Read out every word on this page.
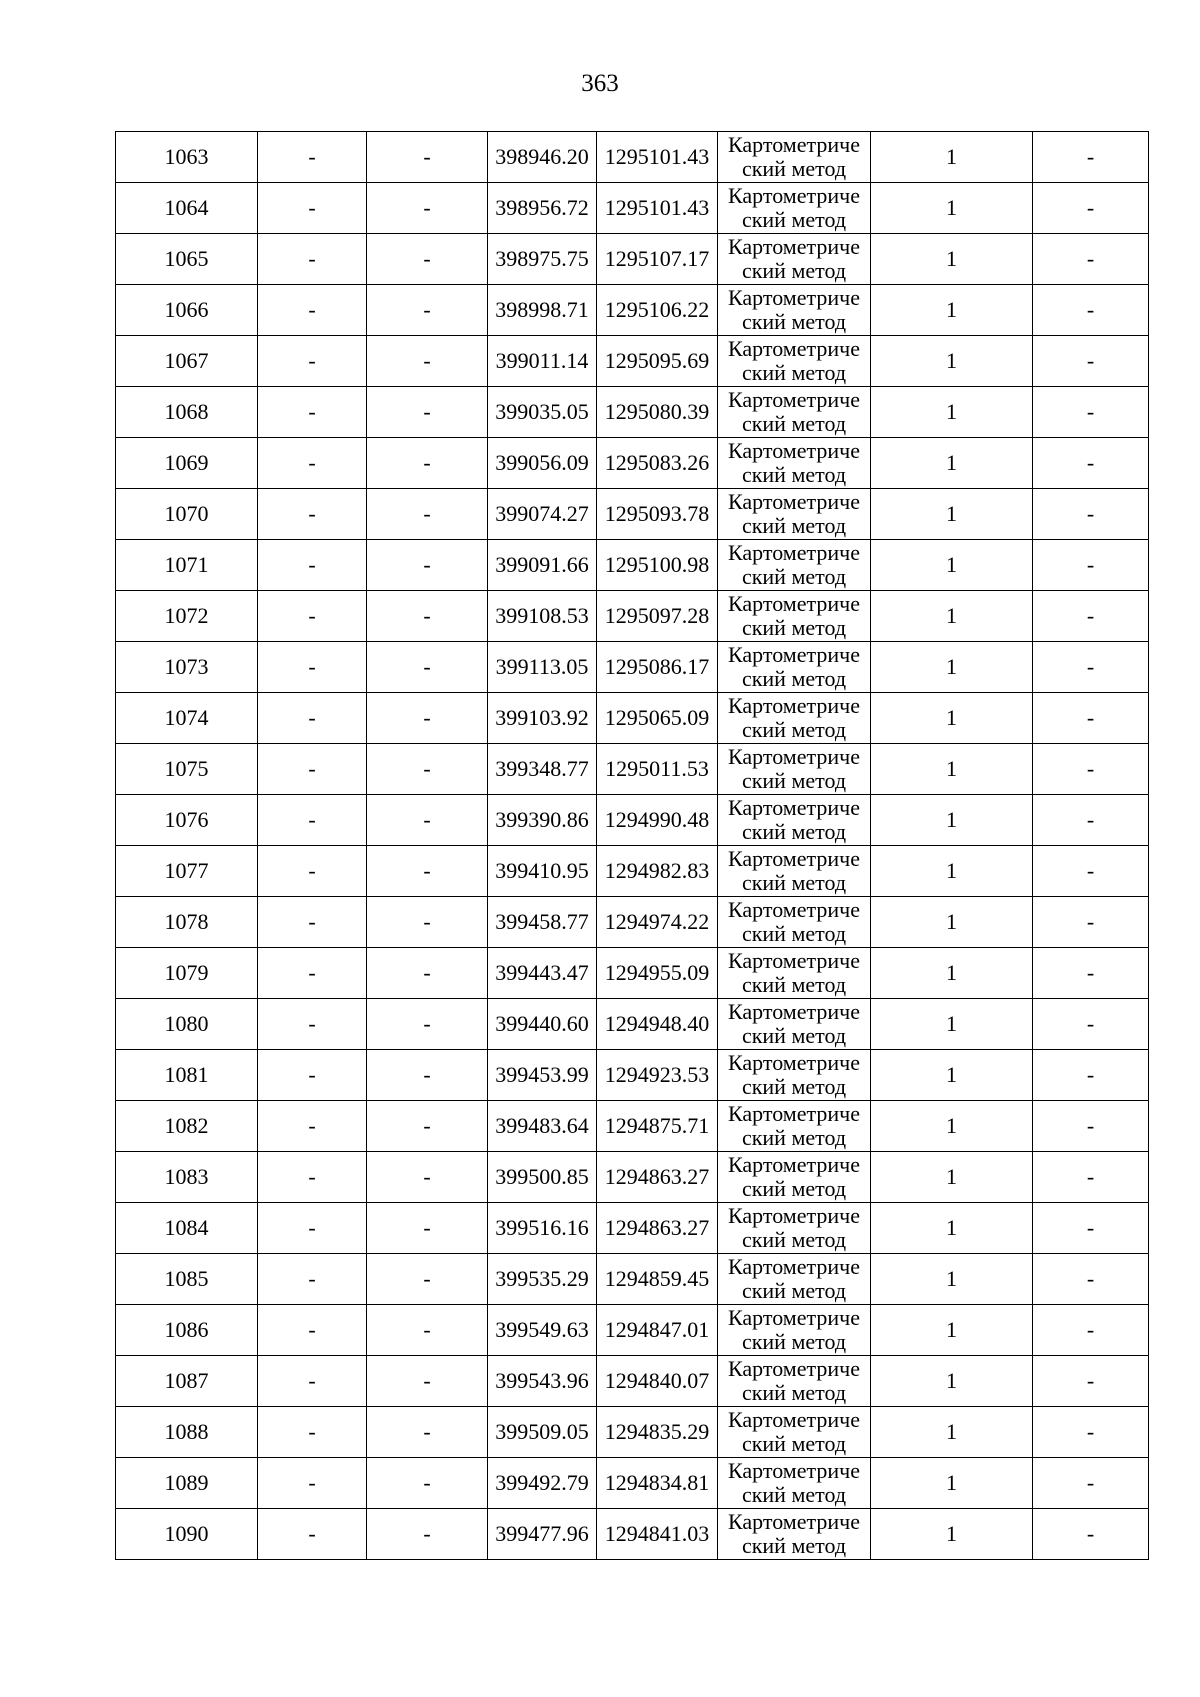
363
1063	-	-	398946.20	1295101.43	Картометриче
ский метод	1	-
1064	-	-	398956.72	1295101.43	Картометриче
ский метод	1	-
1065	-	-	398975.75	1295107.17	Картометриче
ский метод	1	-
1066	-	-	398998.71	1295106.22	Картометриче
ский метод	1	-
1067	-	-	399011.14	1295095.69	Картометриче
ский метод	1	-
1068	-	-	399035.05	1295080.39	Картометриче
ский метод	1	-
1069	-	-	399056.09	1295083.26	Картометриче
ский метод	1	-
1070	-	-	399074.27	1295093.78	Картометриче
ский метод	1	-
1071	-	-	399091.66	1295100.98	Картометриче
ский метод	1	-
1072	-	-	399108.53	1295097.28	Картометриче
ский метод	1	-
1073	-	-	399113.05	1295086.17	Картометриче
ский метод	1	-
1074	-	-	399103.92	1295065.09	Картометриче
ский метод	1	-
1075	-	-	399348.77	1295011.53	Картометриче
ский метод	1	-
1076	-	-	399390.86	1294990.48	Картометриче
ский метод	1	-
1077	-	-	399410.95	1294982.83	Картометриче
ский метод	1	-
1078	-	-	399458.77	1294974.22	Картометриче
ский метод	1	-
1079	-	-	399443.47	1294955.09	Картометриче
ский метод	1	-
1080	-	-	399440.60	1294948.40	Картометриче
ский метод	1	-
1081	-	-	399453.99	1294923.53	Картометриче
ский метод	1	-
1082	-	-	399483.64	1294875.71	Картометриче
ский метод	1	-
1083	-	-	399500.85	1294863.27	Картометриче
ский метод	1	-
1084	-	-	399516.16	1294863.27	Картометриче
ский метод	1	-
1085	-	-	399535.29	1294859.45	Картометриче
ский метод	1	-
1086	-	-	399549.63	1294847.01	Картометриче
ский метод	1	-
1087	-	-	399543.96	1294840.07	Картометриче
ский метод	1	-
1088	-	-	399509.05	1294835.29	Картометриче
ский метод	1	-
1089	-	-	399492.79	1294834.81	Картометриче
ский метод	1	-
1090	-	-	399477.96	1294841.03	Картометриче
ский метод	1	-
